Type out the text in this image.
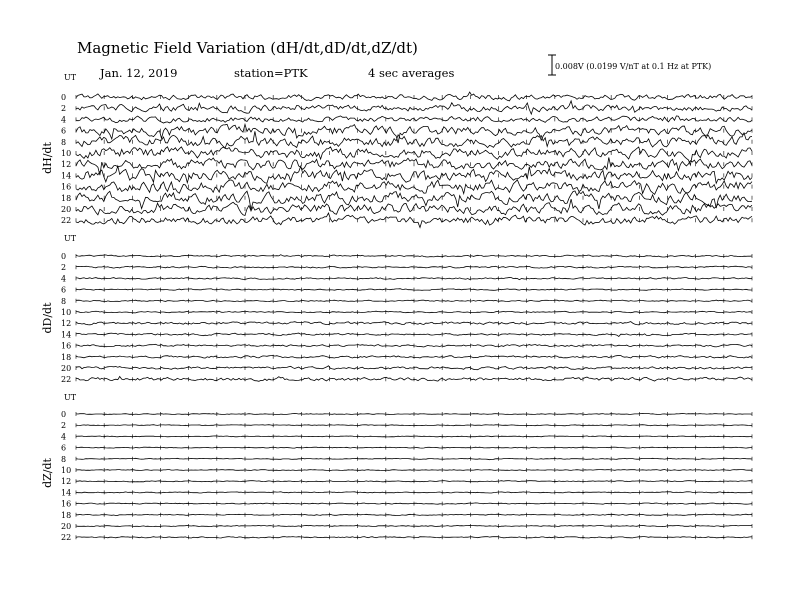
Magnetic Field Variation (dH/dt,dD/dt,dZ/dt)
Jan. 12, 2019	station=PTK	4 sec averages	0.008V (0.0199 V/nT at 0.1 Hz at PTK)
UT
UT
dH/dt
0
2
4
6
8
10
12
14
16
18
20
22
UT
dD/dt
0
2
4
6
8
10
12
14
16
18
20
22
dZ/dt
0
2
4
6
8
10
12
14
16
18
20
22
